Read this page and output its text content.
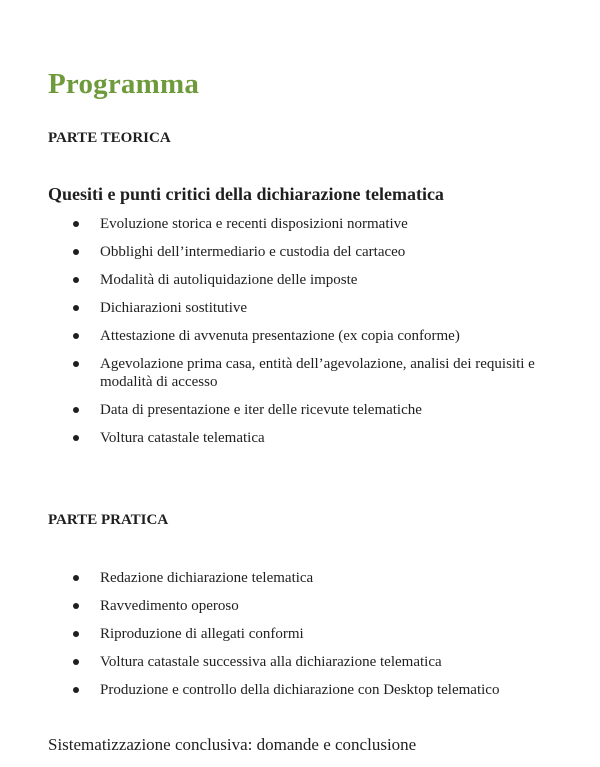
Programma
PARTE TEORICA
Quesiti e punti critici della dichiarazione telematica
Evoluzione storica e recenti disposizioni normative
Obblighi dell’intermediario e custodia del cartaceo
Modalità di autoliquidazione delle imposte
Dichiarazioni sostitutive
Attestazione di avvenuta presentazione (ex copia conforme)
Agevolazione prima casa, entità dell’agevolazione, analisi dei requisiti e modalità di accesso
Data di presentazione e iter delle ricevute telematiche
Voltura catastale telematica
PARTE PRATICA
Redazione dichiarazione telematica
Ravvedimento operoso
Riproduzione di allegati conformi
Voltura catastale successiva alla dichiarazione telematica
Produzione e controllo della dichiarazione con Desktop telematico

Sistematizzazione conclusiva: domande e conclusione
